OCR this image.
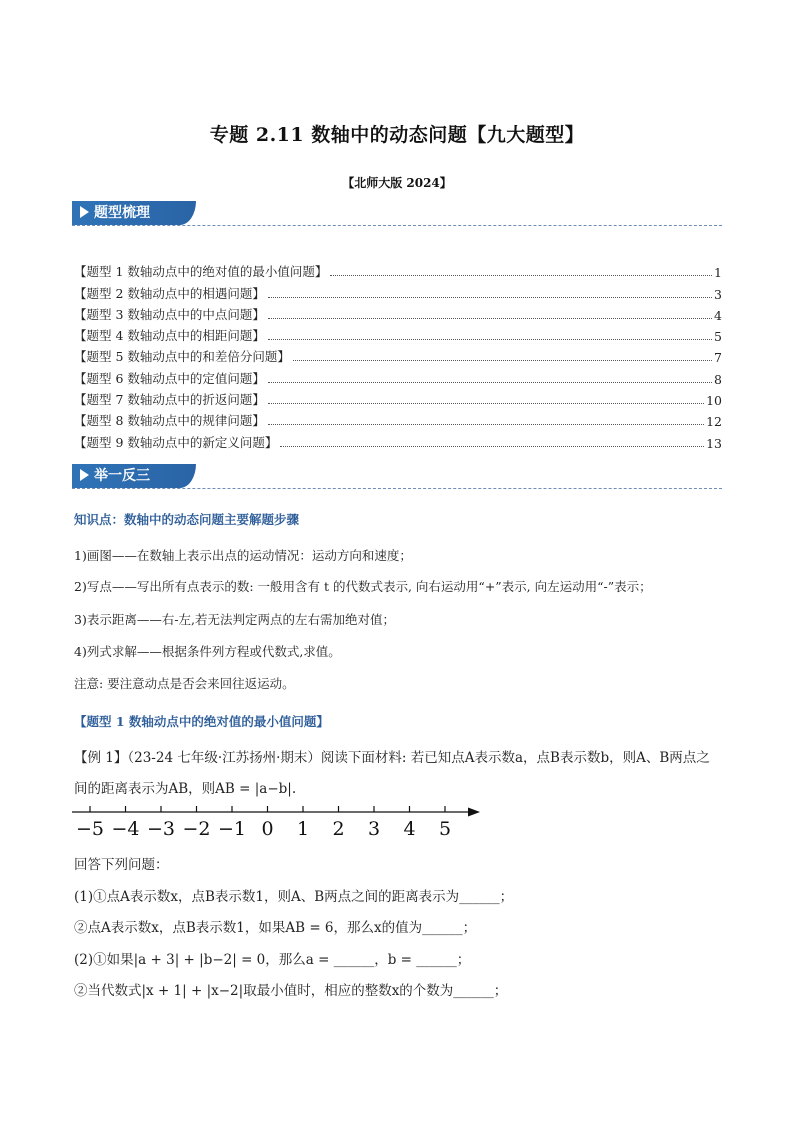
专题 2.11 数轴中的动态问题【九大题型】
【北师大版 2024】
题型梳理
【题型 1 数轴动点中的绝对值的最小值问题】	1
【题型 2 数轴动点中的相遇问题】	3
【题型 3 数轴动点中的中点问题】	4
【题型 4 数轴动点中的相距问题】	5
【题型 5 数轴动点中的和差倍分问题】	7
【题型 6 数轴动点中的定值问题】	8
【题型 7 数轴动点中的折返问题】	10
【题型 8 数轴动点中的规律问题】	12
【题型 9 数轴动点中的新定义问题】	13
举一反三
知识点：数轴中的动态问题主要解题步骤
1)画图——在数轴上表示出点的运动情况：运动方向和速度；
2)写点——写出所有点表示的数: 一般用含有 t 的代数式表示, 向右运动用“+”表示, 向左运动用“-”表示；
3)表示距离——右-左,若无法判定两点的左右需加绝对值；
4)列式求解——根据条件列方程或代数式,求值。
注意: 要注意动点是否会来回往返运动。
【题型 1 数轴动点中的绝对值的最小值问题】
【例 1】（23-24 七年级·江苏扬州·期末）阅读下面材料: 若已知点A表示数a，点B表示数b，则A、B两点之
间的距离表示为AB，则AB = |a−b|.
−5 −4 −3 −2 −1 0 1 2 3 4 5
回答下列问题：
(1)①点A表示数x，点B表示数1，则A、B两点之间的距离表示为______；
②点A表示数x，点B表示数1，如果AB = 6，那么x的值为______；
(2)①如果|a + 3| + |b−2| = 0，那么a = ______，b = ______；
②当代数式|x + 1| + |x−2|取最小值时，相应的整数x的个数为______；
